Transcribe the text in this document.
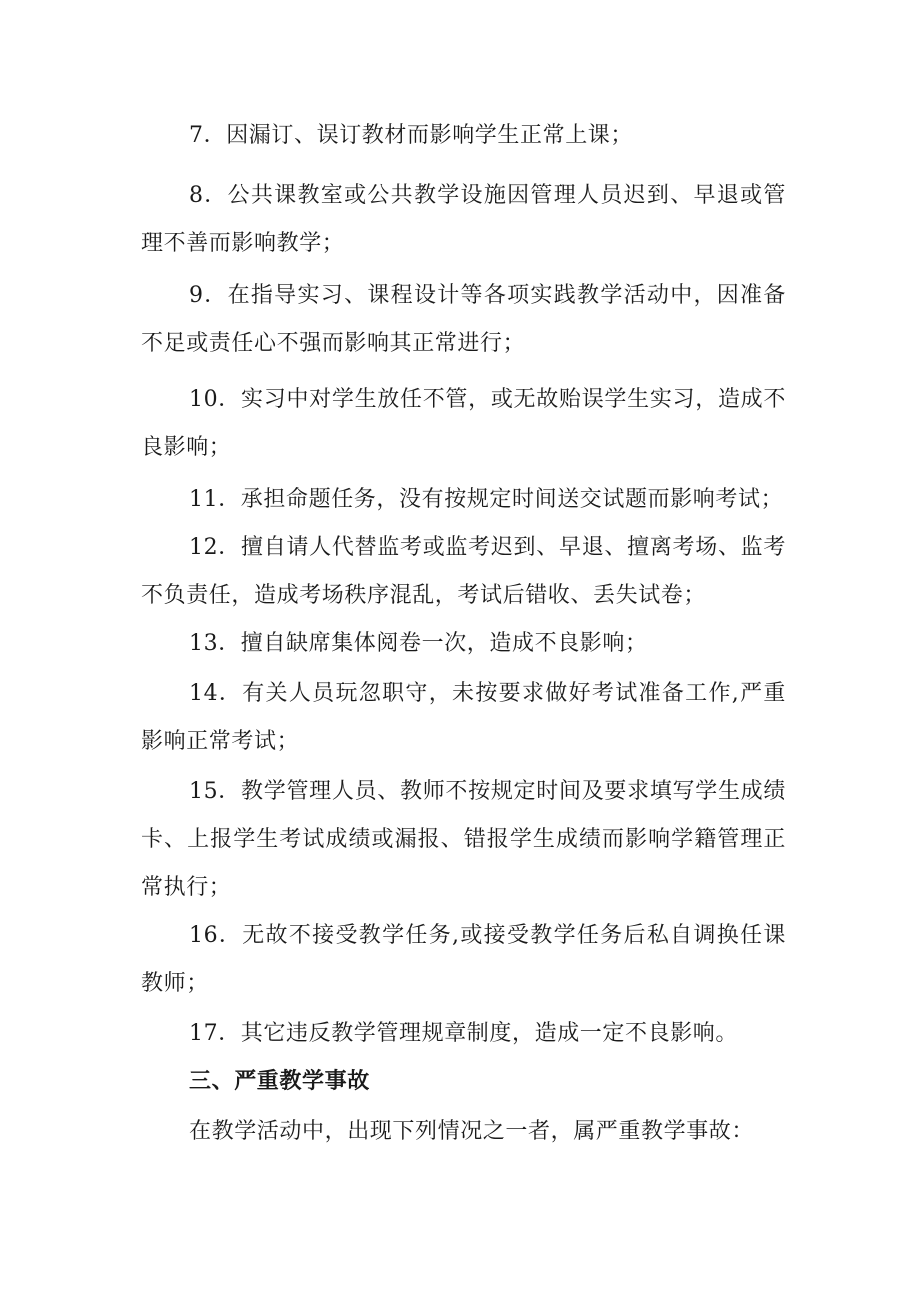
7．因漏订、误订教材而影响学生正常上课；

8．公共课教室或公共教学设施因管理人员迟到、早退或管理不善而影响教学；

9．在指导实习、课程设计等各项实践教学活动中，因准备不足或责任心不强而影响其正常进行；

10．实习中对学生放任不管，或无故贻误学生实习，造成不良影响；

11．承担命题任务，没有按规定时间送交试题而影响考试；

12．擅自请人代替监考或监考迟到、早退、擅离考场、监考不负责任，造成考场秩序混乱，考试后错收、丢失试卷；

13．擅自缺席集体阅卷一次，造成不良影响；

14．有关人员玩忽职守，未按要求做好考试准备工作,严重影响正常考试；

15．教学管理人员、教师不按规定时间及要求填写学生成绩卡、上报学生考试成绩或漏报、错报学生成绩而影响学籍管理正常执行；

16．无故不接受教学任务,或接受教学任务后私自调换任课教师；

17．其它违反教学管理规章制度，造成一定不良影响。

三、严重教学事故

在教学活动中，出现下列情况之一者，属严重教学事故：
